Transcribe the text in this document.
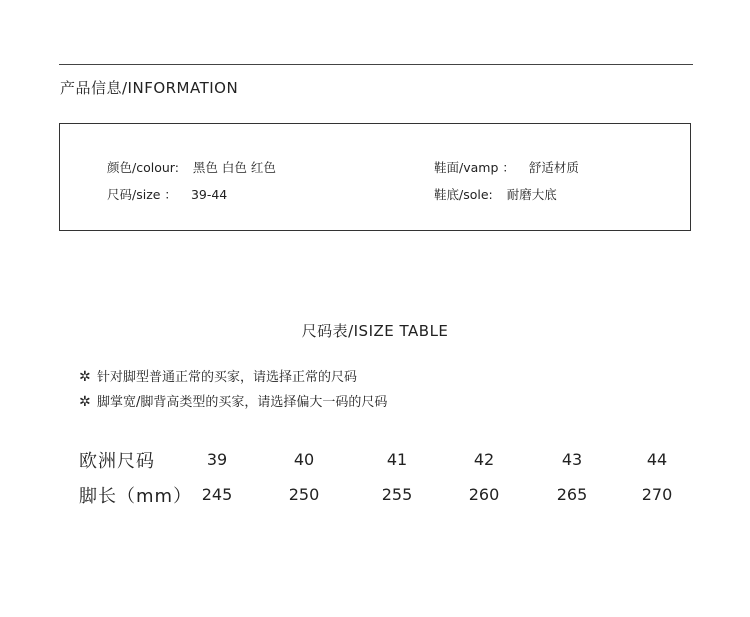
产品信息/INFORMATION
颜色/colour: 黑色 白色 红色
尺码/size ： 39-44
鞋面/vamp ： 舒适材质
鞋底/sole: 耐磨大底
尺码表/ISIZE TABLE
✲ 针对脚型普通正常的买家，请选择正常的尺码
✲ 脚掌宽/脚背高类型的买家，请选择偏大一码的尺码
欧洲尺码	39	40	41	42	43	44
脚长（mm） 245	250	255	260	265	270
